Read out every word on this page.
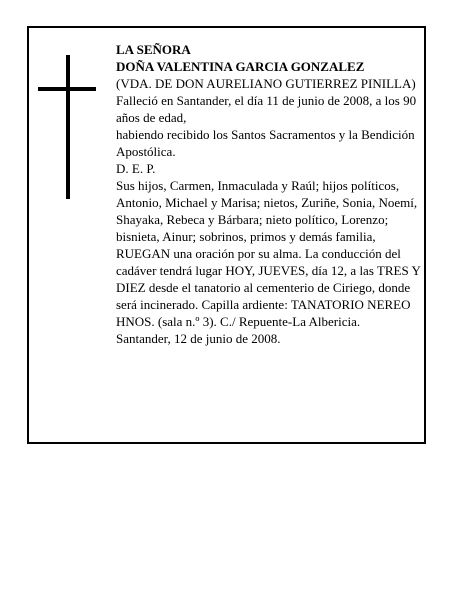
LA SEÑORA

DOÑA VALENTINA GARCIA GONZALEZ

(VDA. DE DON AURELIANO GUTIERREZ PINILLA)

Falleció en Santander, el día 11 de junio de 2008, a los 90 años de edad,

habiendo recibido los Santos Sacramentos y la Bendición Apostólica.

D. E. P.

Sus hijos, Carmen, Inmaculada y Raúl; hijos políticos, Antonio, Michael y Marisa; nietos, Zuriñe, Sonia, Noemí, Shayaka, Rebeca y Bárbara; nieto político, Lorenzo; bisnieta, Ainur; sobrinos, primos y demás familia,

RUEGAN una oración por su alma. La conducción del cadáver tendrá lugar HOY, JUEVES, día 12, a las TRES Y DIEZ desde el tanatorio al cementerio de Ciriego, donde será incinerado. Capilla ardiente: TANATORIO NEREO HNOS. (sala n.º 3). C./ Repuente-La Albericia.

Santander, 12 de junio de 2008.
